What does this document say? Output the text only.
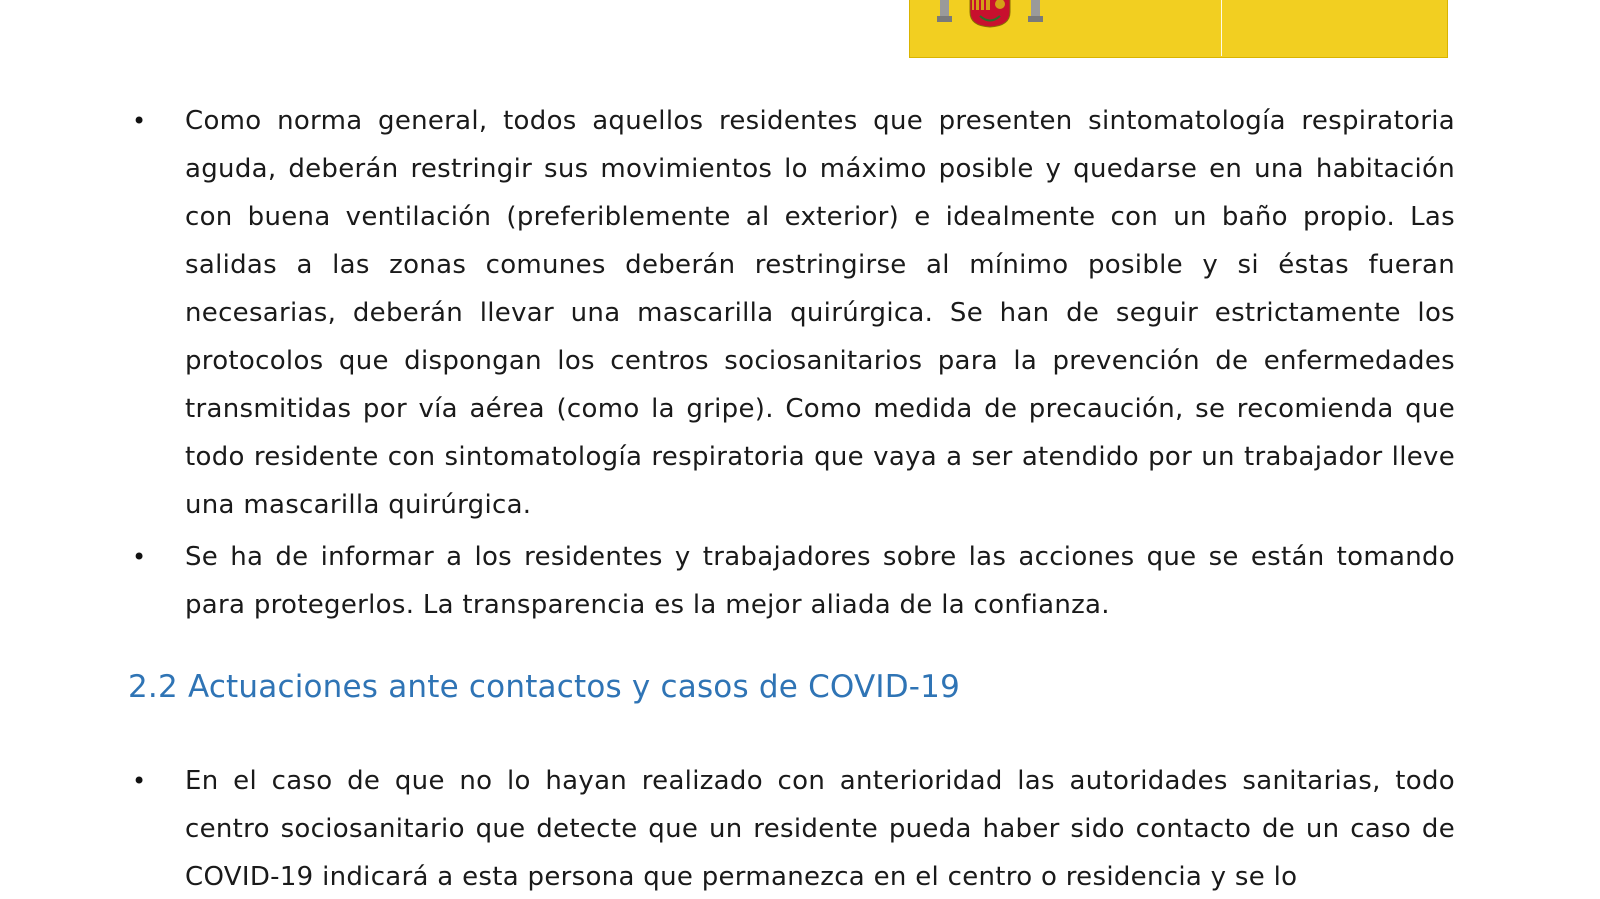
• Como norma general, todos aquellos residentes que presenten sintomatología respiratoria aguda, deberán restringir sus movimientos lo máximo posible y quedarse en una habitación con buena ventilación (preferiblemente al exterior) e idealmente con un baño propio. Las salidas a las zonas comunes deberán restringirse al mínimo posible y si éstas fueran necesarias, deberán llevar una mascarilla quirúrgica. Se han de seguir estrictamente los protocolos que dispongan los centros sociosanitarios para la prevención de enfermedades transmitidas por vía aérea (como la gripe). Como medida de precaución, se recomienda que todo residente con sintomatología respiratoria que vaya a ser atendido por un trabajador lleve una mascarilla quirúrgica.

• Se ha de informar a los residentes y trabajadores sobre las acciones que se están tomando para protegerlos. La transparencia es la mejor aliada de la confianza.

2.2 Actuaciones ante contactos y casos de COVID-19
• En el caso de que no lo hayan realizado con anterioridad las autoridades sanitarias, todo centro sociosanitario que detecte que un residente pueda haber sido contacto de un caso de COVID-19 indicará a esta persona que permanezca en el centro o residencia y se lo
